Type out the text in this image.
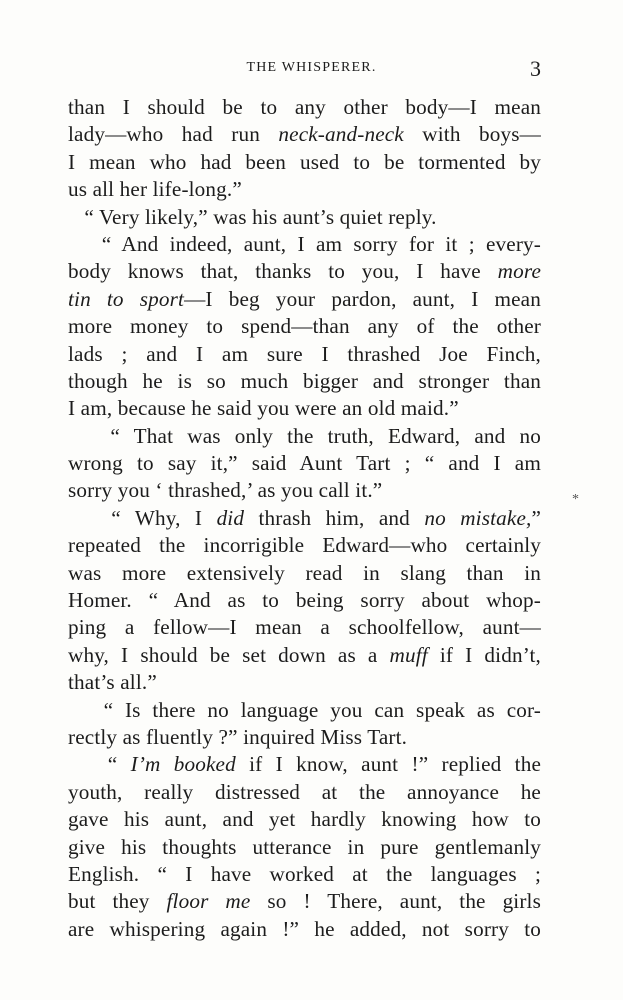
THE WHISPERER.	3
than I should be to any other body—I mean
lady—who had run neck-and-neck with boys—
I mean who had been used to be tormented by
us all her life-long.”
“ Very likely,” was his aunt’s quiet reply.
“ And indeed, aunt, I am sorry for it ; every-
body knows that, thanks to you, I have more
tin to sport—I beg your pardon, aunt, I mean
more money to spend—than any of the other
lads ; and I am sure I thrashed Joe Finch,
though he is so much bigger and stronger than
I am, because he said you were an old maid.”
“ That was only the truth, Edward, and no
wrong to say it,” said Aunt Tart ; “ and I am
sorry you ‘ thrashed,’ as you call it.”
“ Why, I did thrash him, and no mistake,”
repeated the incorrigible Edward—who certainly
was more extensively read in slang than in
Homer. “ And as to being sorry about whop-
ping a fellow—I mean a schoolfellow, aunt—
why, I should be set down as a muff if I didn’t,
that’s all.”
“ Is there no language you can speak as cor-
rectly as fluently ?” inquired Miss Tart.
“ I’m booked if I know, aunt !” replied the
youth, really distressed at the annoyance he
gave his aunt, and yet hardly knowing how to
give his thoughts utterance in pure gentlemanly
English. “ I have worked at the languages ;
but they floor me so ! There, aunt, the girls
are whispering again !” he added, not sorry to
*
